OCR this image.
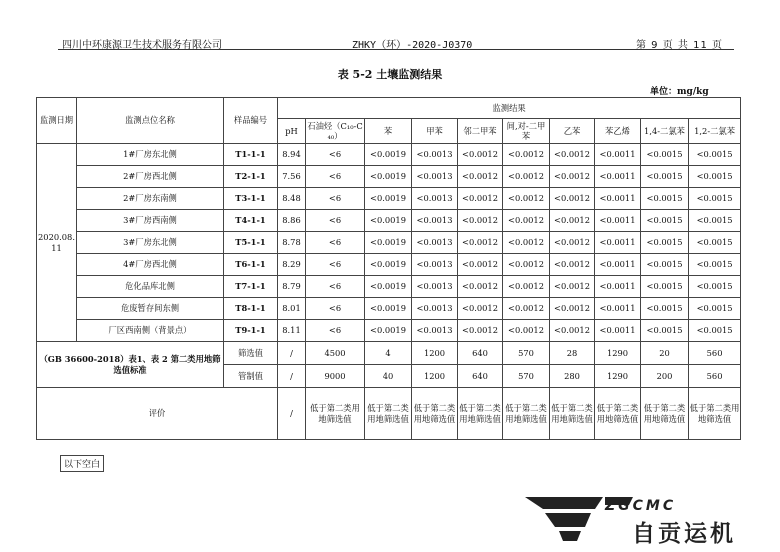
四川中环康源卫生技术服务有限公司	ZHKY（环）-2020-J0370	第 9 页 共 11 页
表 5-2 土壤监测结果
单位：mg/kg
监测日期	监测点位名称	样品编号	监测结果									
			pH	石油烃（C₁₀-C₄₀）	苯	甲苯	邻二甲苯	间,对-二甲苯	乙苯	苯乙烯	1,4-二氯苯	1,2-二氯苯
2020.08.11	1#厂房东北侧	T1-1-1	8.94	<6	<0.0019	<0.0013	<0.0012	<0.0012	<0.0012	<0.0011	<0.0015	<0.0015
	2#厂房西北侧	T2-1-1	7.56	<6	<0.0019	<0.0013	<0.0012	<0.0012	<0.0012	<0.0011	<0.0015	<0.0015
	2#厂房东南侧	T3-1-1	8.48	<6	<0.0019	<0.0013	<0.0012	<0.0012	<0.0012	<0.0011	<0.0015	<0.0015
	3#厂房西南侧	T4-1-1	8.86	<6	<0.0019	<0.0013	<0.0012	<0.0012	<0.0012	<0.0011	<0.0015	<0.0015
	3#厂房东北侧	T5-1-1	8.78	<6	<0.0019	<0.0013	<0.0012	<0.0012	<0.0012	<0.0011	<0.0015	<0.0015
	4#厂房西北侧	T6-1-1	8.29	<6	<0.0019	<0.0013	<0.0012	<0.0012	<0.0012	<0.0011	<0.0015	<0.0015
	危化品库北侧	T7-1-1	8.79	<6	<0.0019	<0.0013	<0.0012	<0.0012	<0.0012	<0.0011	<0.0015	<0.0015
	危废暂存间东侧	T8-1-1	8.01	<6	<0.0019	<0.0013	<0.0012	<0.0012	<0.0012	<0.0011	<0.0015	<0.0015
	厂区西南侧（背景点）	T9-1-1	8.11	<6	<0.0019	<0.0013	<0.0012	<0.0012	<0.0012	<0.0011	<0.0015	<0.0015
（GB 36600-2018）表1、表 2 第二类用地筛选值标准		筛选值	/	4500	4	1200	640	570	28	1290	20	560
		管制值	/	9000	40	1200	640	570	280	1290	200	560
评价			/	低于第二类用地筛选值	低于第二类用地筛选值	低于第二类用地筛选值	低于第二类用地筛选值	低于第二类用地筛选值	低于第二类用地筛选值	低于第二类用地筛选值	低于第二类用地筛选值	低于第二类用地筛选值
以下空白
ZGCMC
自贡运机
